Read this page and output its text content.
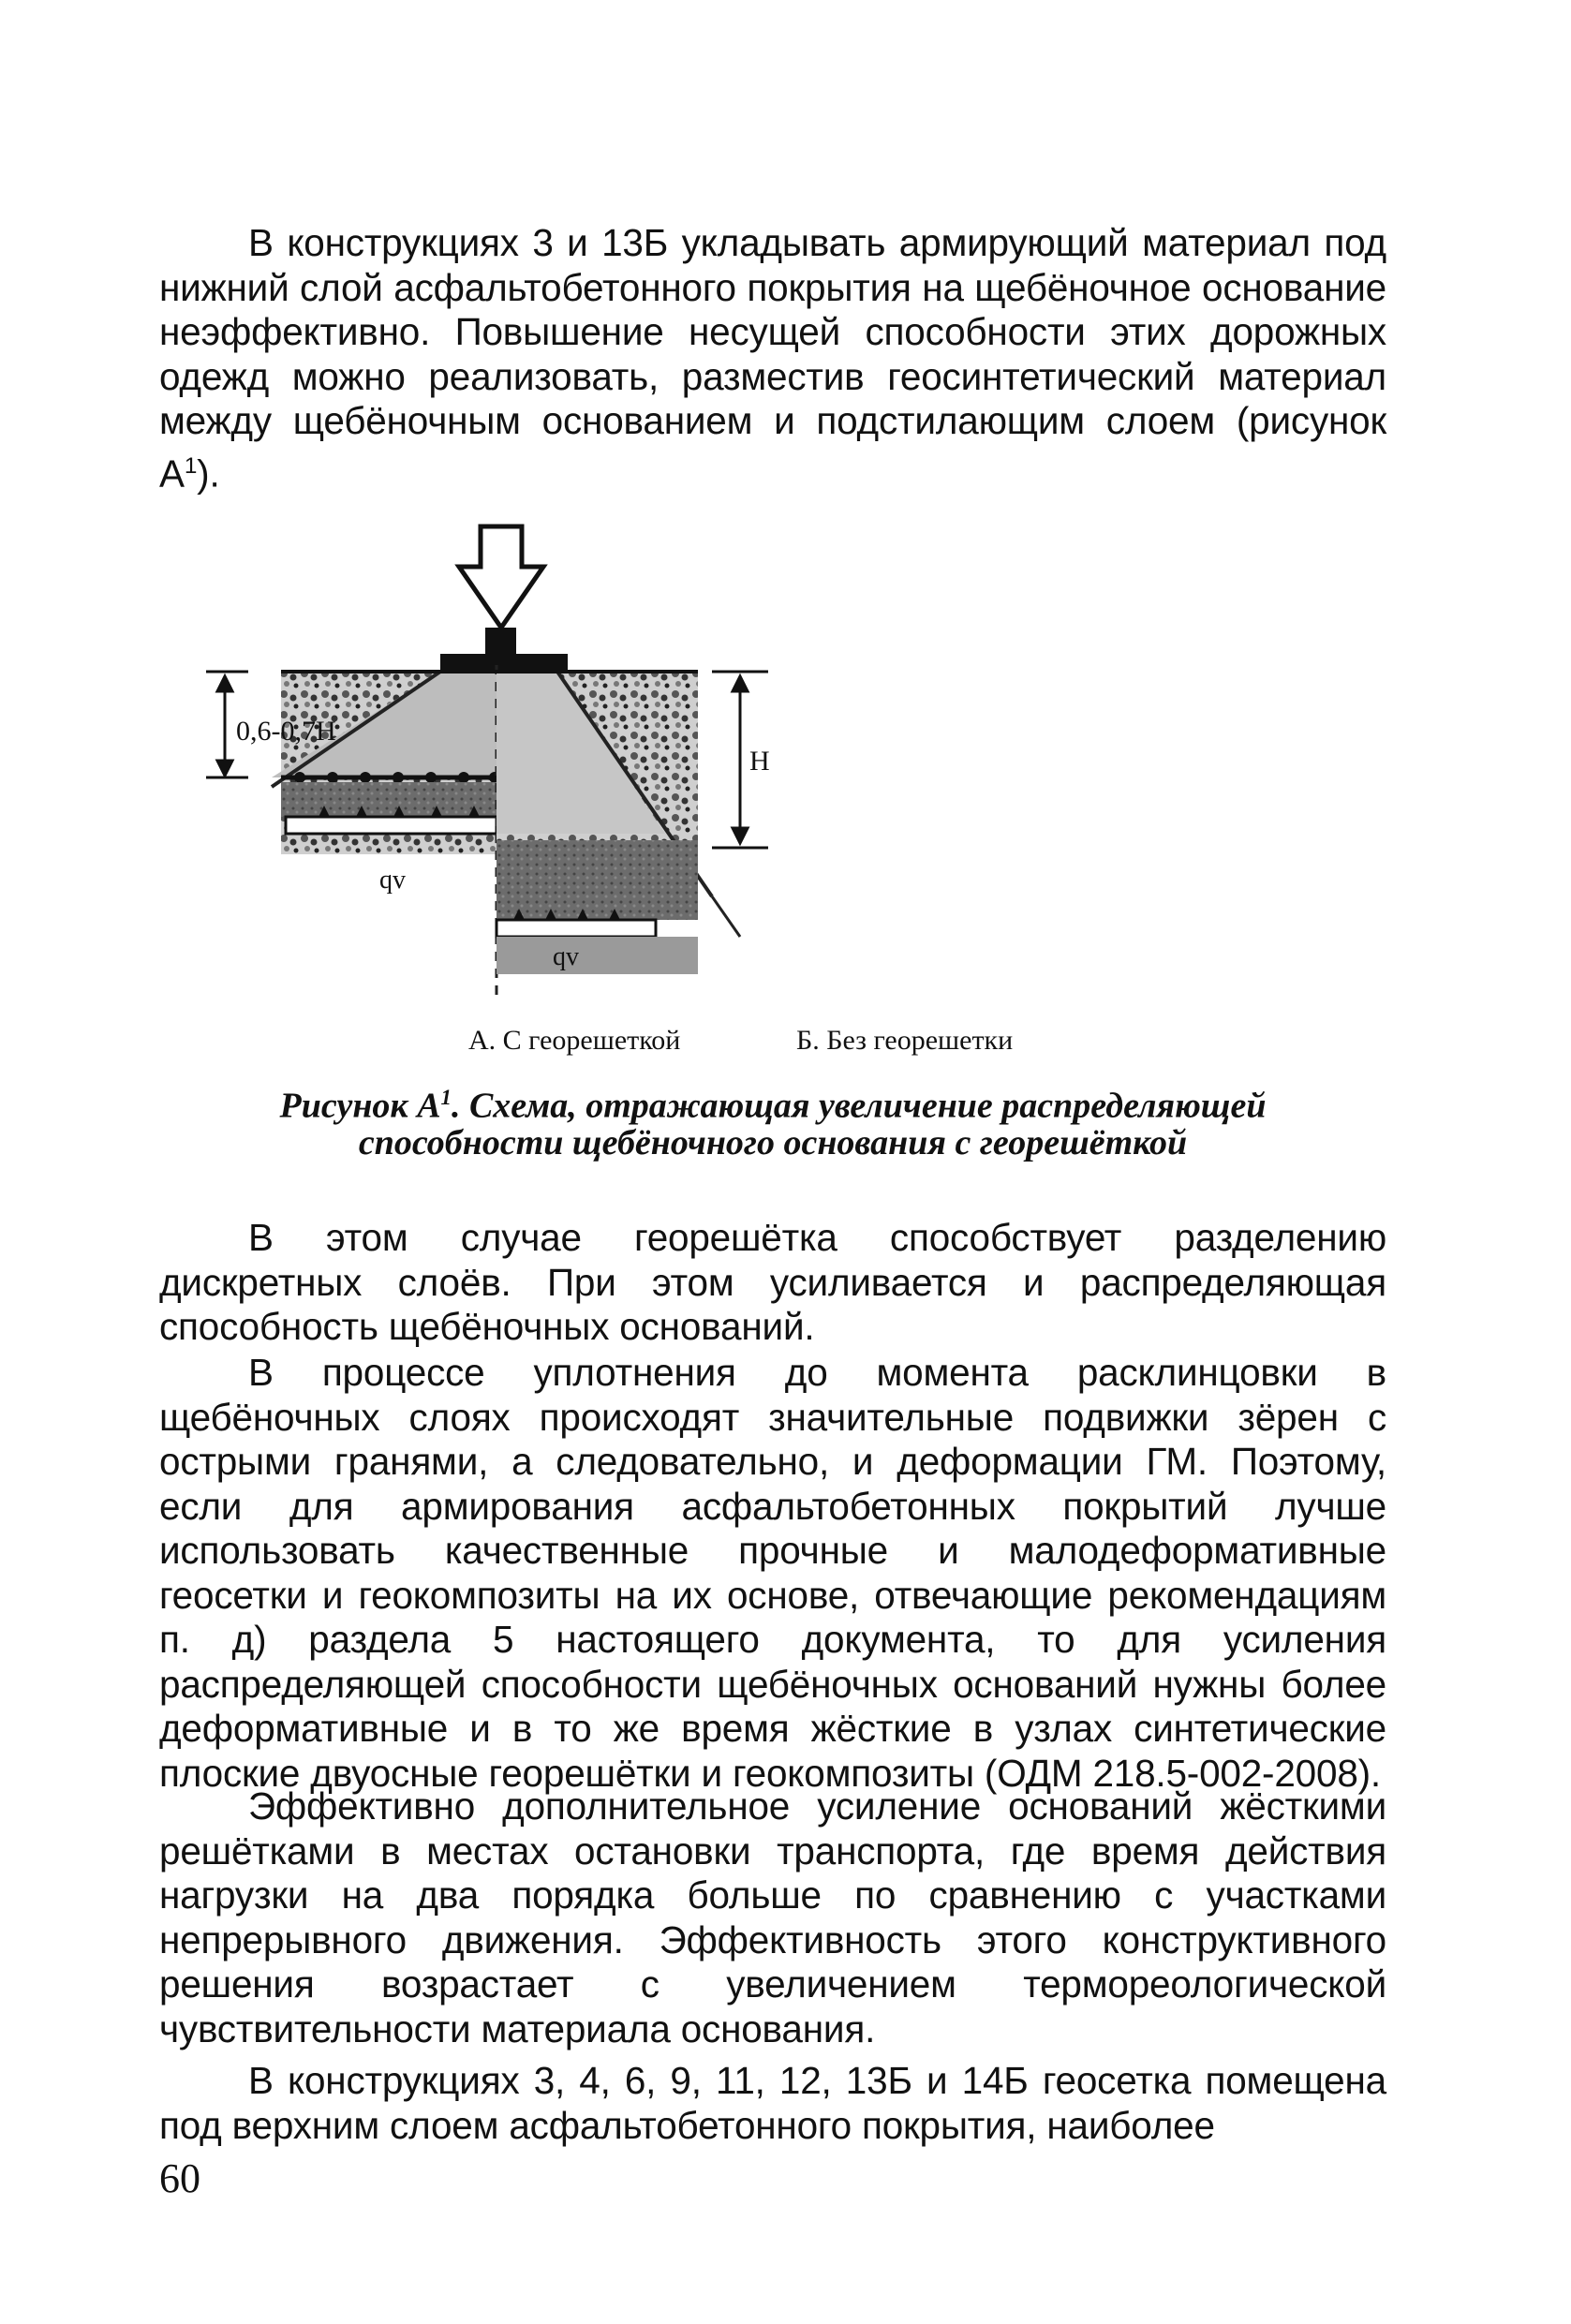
В конструкциях 3 и 13Б укладывать армирующий материал под нижний слой асфальтобетонного покрытия на щебёночное основание неэффективно. Повышение несущей способности этих дорожных одежд можно реализовать, разместив геосинтетический материал между щебёночным основанием и подстилающим слоем (рисунок $А^1$).

0,6-0,7H
H
qv
qv
А. С георешеткой	Б. Без георешетки
Рисунок $А^1$. Схема, отражающая увеличение распределяющей
способности щебёночного основания с георешёткой

В этом случае георешётка способствует разделению дискретных слоёв. При этом усиливается и распределяющая способность щебёночных оснований.

В процессе уплотнения до момента расклинцовки в щебёночных слоях происходят значительные подвижки зёрен с острыми гранями, а следовательно, и деформации ГМ. Поэтому, если для армирования асфальтобетонных покрытий лучше использовать качественные прочные и малодеформативные геосетки и геокомпозиты на их основе, отвечающие рекомендациям п. д) раздела 5 настоящего документа, то для усиления распределяющей способности щебёночных оснований нужны более деформативные и в то же время жёсткие в узлах синтетические плоские двуосные георешётки и геокомпозиты (ОДМ 218.5-002-2008).

Эффективно дополнительное усиление оснований жёсткими решётками в местах остановки транспорта, где время действия нагрузки на два порядка больше по сравнению с участками непрерывного движения. Эффективность этого конструктивного решения возрастает с увеличением термореологической чувствительности материала основания.

В конструкциях 3, 4, 6, 9, 11, 12, 13Б и 14Б геосетка помещена под верхним слоем асфальтобетонного покрытия, наиболее

60
